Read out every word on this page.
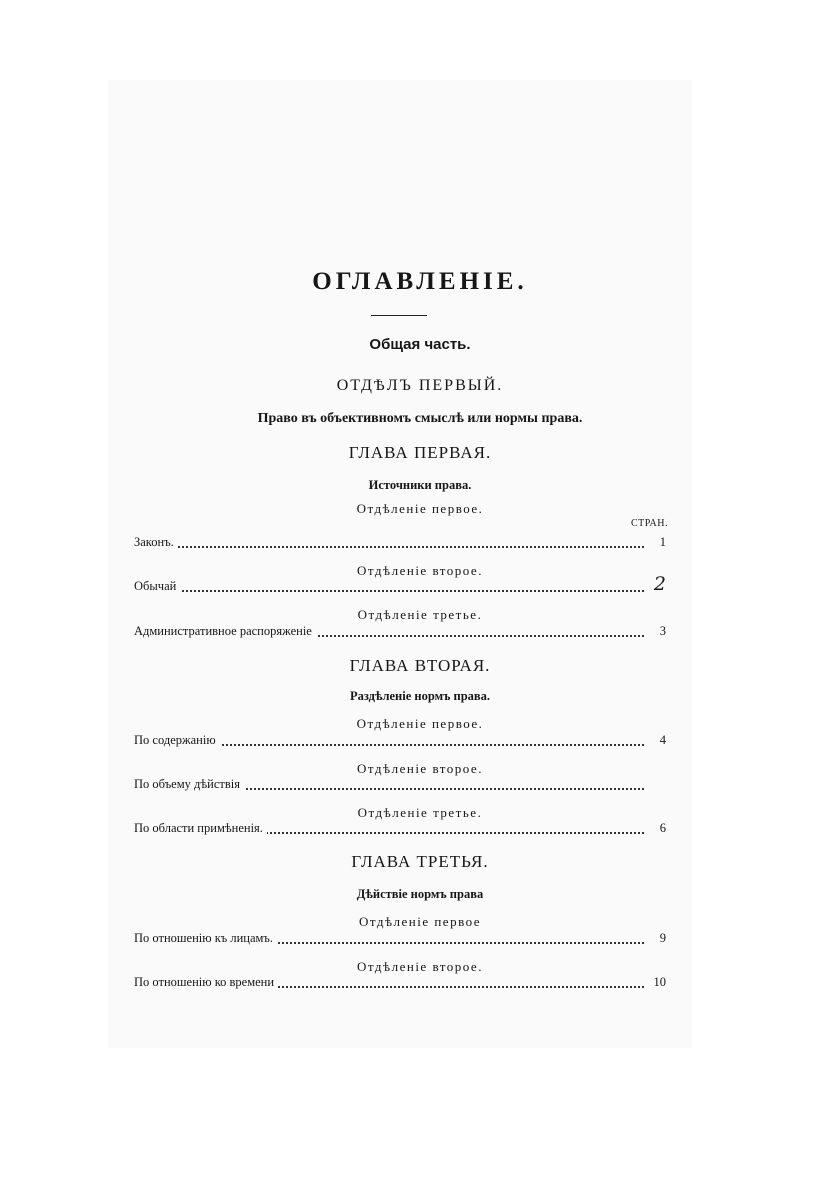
ОГЛАВЛЕНІЕ.
Общая часть.
ОТДѢЛЪ ПЕРВЫЙ.
Право въ объективномъ смыслѣ или нормы права.
ГЛАВА ПЕРВАЯ.
Источники права.
Отдѣленіе первое.
СТРАН.
Законъ.	1
Отдѣленіе второе.
Обычай	2
Отдѣленіе третье.
Административное распоряженіе	3
ГЛАВА ВТОРАЯ.
Раздѣленіе нормъ права.
Отдѣленіе первое.
По содержанію	4
Отдѣленіе второе.
По объему дѣйствія
Отдѣленіе третье.
По области примѣненія.	6
ГЛАВА ТРЕТЬЯ.
Дѣйствіе нормъ права
Отдѣленіе первое
По отношенію къ лицамъ.	9
Отдѣленіе второе.
По отношенію ко времени	10
